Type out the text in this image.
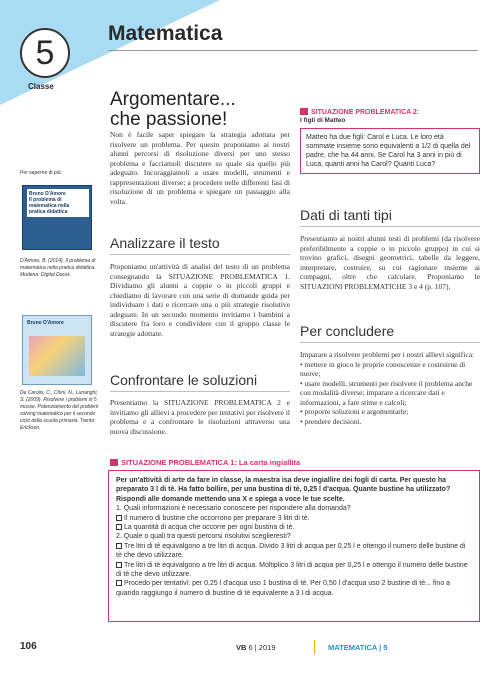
5
Classe
Matematica
Argomentare...
che passione!
Per saperne di più:
Bruno D'Amore
Il problema di matematica nella pratica didattica
D'Amore, B. (2014). Il problema di matematica nella pratica didattica. Modena: Digital Docet.
Bruno D'Amore
De Carolis, C., Chini, N., Lunanghi, S. (2009). Risolvere i problemi in 5 mosse. Potenziamento del problem solving matematico per il secondo ciclo della scuola primaria. Trento: Erickson.
Non è facile saper spiegare la strategia adottata per risolvere un problema. Per questo proponiamo ai nostri alunni percorsi di risoluzione diversi per uno stesso problema e facciamoli discutere su quale sia quello più adeguato. Incoraggiamoli a usare modelli, strumenti e rappresentazioni diverse; a procedere nelle differenti fasi di risoluzione di un problema e spiegare un passaggio alla volta.
Analizzare il testo
Proponiamo un'attività di analisi del testo di un problema consegnando la SITUAZIONE PROBLEMATICA 1. Dividiamo gli alunni a coppie o in piccoli gruppi e chiediamo di lavorare con una serie di domande guida per individuare i dati e ricercare una o più strategie risolutive adeguate. In un secondo momento invitiamo i bambini a discutere fra loro e condividere con il gruppo classe le strategie adottate.
Confrontare le soluzioni
Presentiamo la SITUAZIONE PROBLEMATICA 2 e invitiamo gli allievi a procedere per tentativi per risolvere il problema e a confrontare le risoluzioni attraverso una nuova discussione.
SITUAZIONE PROBLEMATICA 2:
I figli di Matteo
Matteo ha due figli: Carol e Luca. Le loro età sommate insieme sono equivalenti a 1/2 di quella del padre, che ha 44 anni. Se Carol ha 3 anni in più di Luca, quanti anni ha Carol? Quanti Luca?
Dati di tanti tipi
Presentiamo ai nostri alunni testi di problemi (da risolvere preferibilmente a coppie o in piccolo gruppo) in cui si trovino grafici, disegni geometrici, tabelle da leggere, interpretare, costruire, su cui ragionare insieme ai compagni, oltre che calcolare. Proponiamo le SITUAZIONI PROBLEMATICHE 3 e 4 (p. 107).
Per concludere
Imparare a risolvere problemi per i nostri allievi significa:
• mettere in gioco le proprie conoscenze e costruirne di nuove;
• usare modelli, strumenti per risolvere il problema anche con modalità diverse; imparare a ricercare dati e informazioni, a fare stime e calcoli;
• proporre soluzioni e argomentarle;
• prendere decisioni.
SITUAZIONE PROBLEMATICA 1: La carta ingiallita
Per un'attività di arte da fare in classe, la maestra ìsa deve ingiallire dei fogli di carta. Per questo ha preparato 3 l di tè. Ha fatto bollire, per una bustina di tè, 0,25 l d'acqua. Quante bustine ha utilizzato? Rispondi alle domande mettendo una X e spiega a voce le tue scelte.
1. Quali informazioni è necessario conoscere per rispondere alla domanda?
Il numero di bustine che occorrono per preparare 3 litri di tè.
La quantità di acqua che occorre per ogni bustina di tè.
2. Quale o quali tra questi percorsi risolutivi sceglieresti?
Tre litri di tè equivalgono a tre litri di acqua. Divido 3 litri di acqua per 0,25 l e ottengo il numero delle bustine di tè che devo utilizzare.
Tre litri di tè equivalgono a tre litri di acqua. Moltiplico 3 litri di acqua per 0,25 l e ottengo il numero delle bustine di tè che devo utilizzare.
Procedo per tentativi: per 0,25 l d'acqua uso 1 bustina di tè. Per 0,50 l d'acqua uso 2 bustine di tè... fino a quando raggiungo il numero di bustine di tè equivalente a 3 l di acqua.
106	VB 6 | 2019	MATEMATICA | 5
